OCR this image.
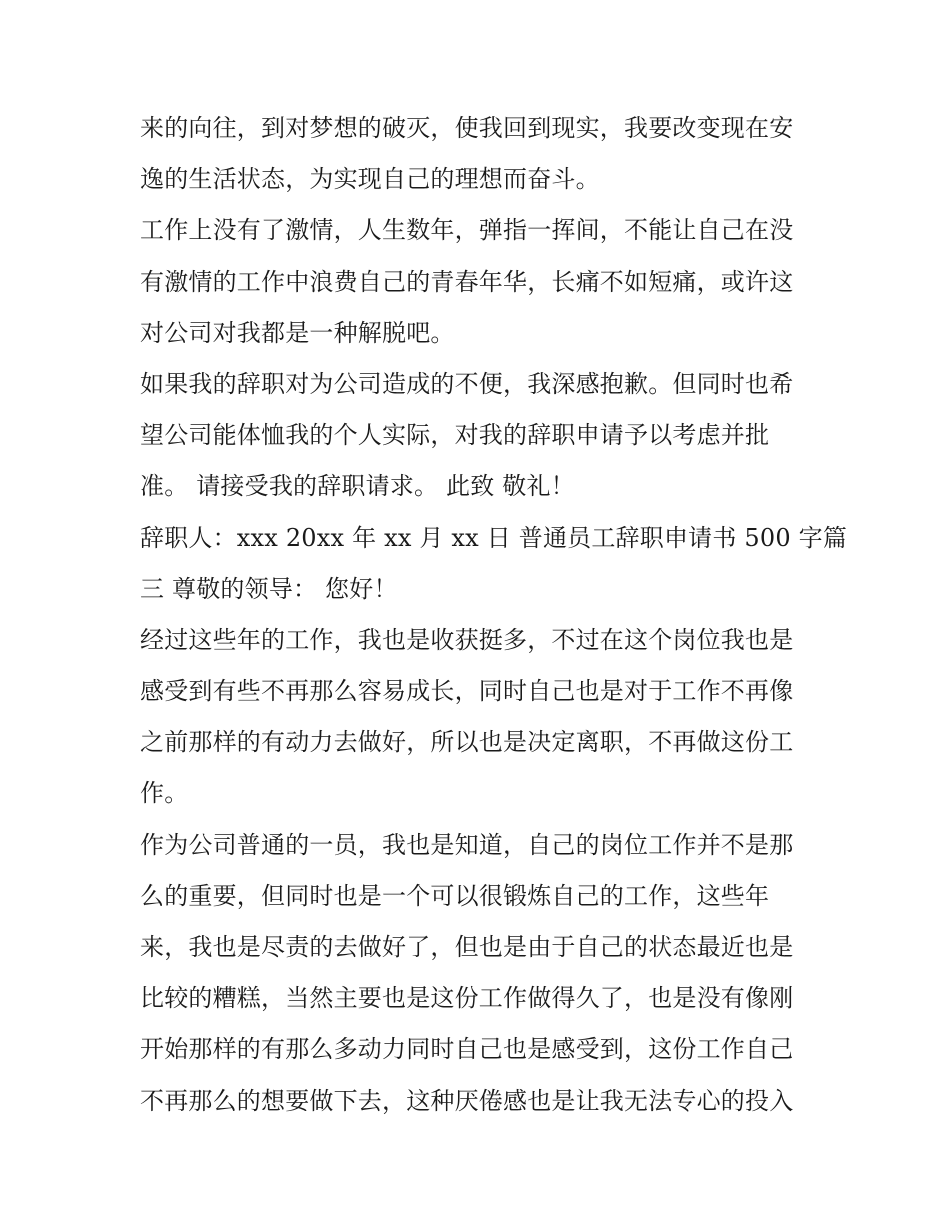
来的向往，到对梦想的破灭，使我回到现实，我要改变现在安
逸的生活状态，为实现自己的理想而奋斗。
工作上没有了激情，人生数年，弹指一挥间，不能让自己在没
有激情的工作中浪费自己的青春年华，长痛不如短痛，或许这
对公司对我都是一种解脱吧。
如果我的辞职对为公司造成的不便，我深感抱歉。但同时也希
望公司能体恤我的个人实际，对我的辞职申请予以考虑并批
准。 请接受我的辞职请求。 此致 敬礼！
辞职人：xxx 20xx 年 xx 月 xx 日 普通员工辞职申请书 500 字篇
三 尊敬的领导： 您好！
经过这些年的工作，我也是收获挺多，不过在这个岗位我也是
感受到有些不再那么容易成长，同时自己也是对于工作不再像
之前那样的有动力去做好，所以也是决定离职，不再做这份工
作。
作为公司普通的一员，我也是知道，自己的岗位工作并不是那
么的重要，但同时也是一个可以很锻炼自己的工作，这些年
来，我也是尽责的去做好了，但也是由于自己的状态最近也是
比较的糟糕，当然主要也是这份工作做得久了，也是没有像刚
开始那样的有那么多动力同时自己也是感受到，这份工作自己
不再那么的想要做下去，这种厌倦感也是让我无法专心的投入
